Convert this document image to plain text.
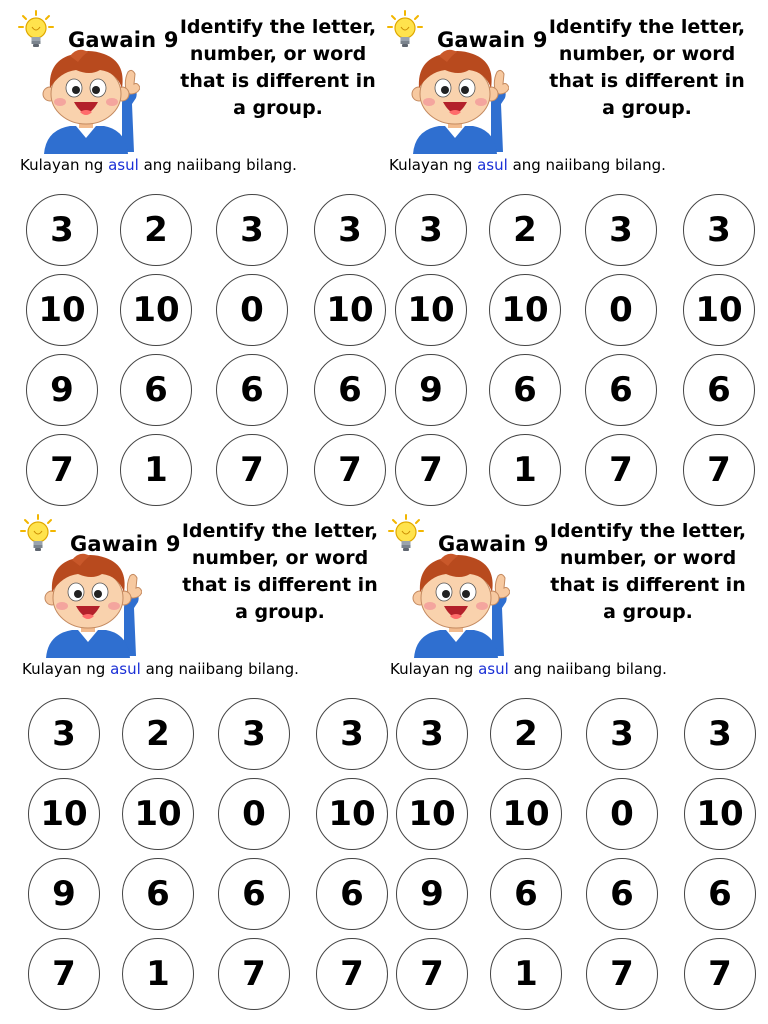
Gawain 9
Identify the letter, number, or word that is different in a group.
Kulayan ng asul ang naiibang bilang.
3	2	3	3
10	10	0	10
9	6	6	6
7	1	7	7
Gawain 9
Identify the letter, number, or word that is different in a group.
Kulayan ng asul ang naiibang bilang.
3	2	3	3
10	10	0	10
9	6	6	6
7	1	7	7
Gawain 9
Identify the letter, number, or word that is different in a group.
Kulayan ng asul ang naiibang bilang.
3	2	3	3
10	10	0	10
9	6	6	6
7	1	7	7
Gawain 9
Identify the letter, number, or word that is different in a group.
Kulayan ng asul ang naiibang bilang.
3	2	3	3
10	10	0	10
9	6	6	6
7	1	7	7
